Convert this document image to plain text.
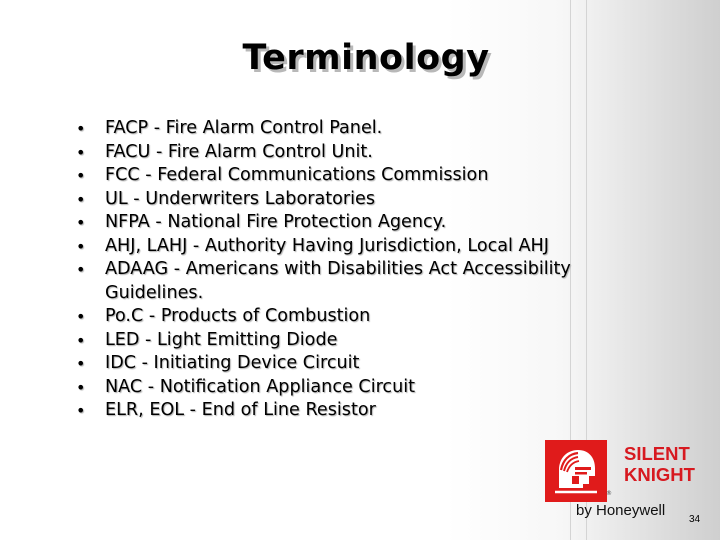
Terminology
• FACP - Fire Alarm Control Panel.
• FACU - Fire Alarm Control Unit.
• FCC - Federal Communications Commission
• UL - Underwriters Laboratories
• NFPA - National Fire Protection Agency.
• AHJ, LAHJ - Authority Having Jurisdiction, Local AHJ
• ADAAG - Americans with Disabilities Act Accessibility
Guidelines.
• Po.C - Products of Combustion
• LED - Light Emitting Diode
• IDC - Initiating Device Circuit
• NAC - Notification Appliance Circuit
• ELR, EOL - End of Line Resistor
®
SILENT
KNIGHT
by Honeywell
34
